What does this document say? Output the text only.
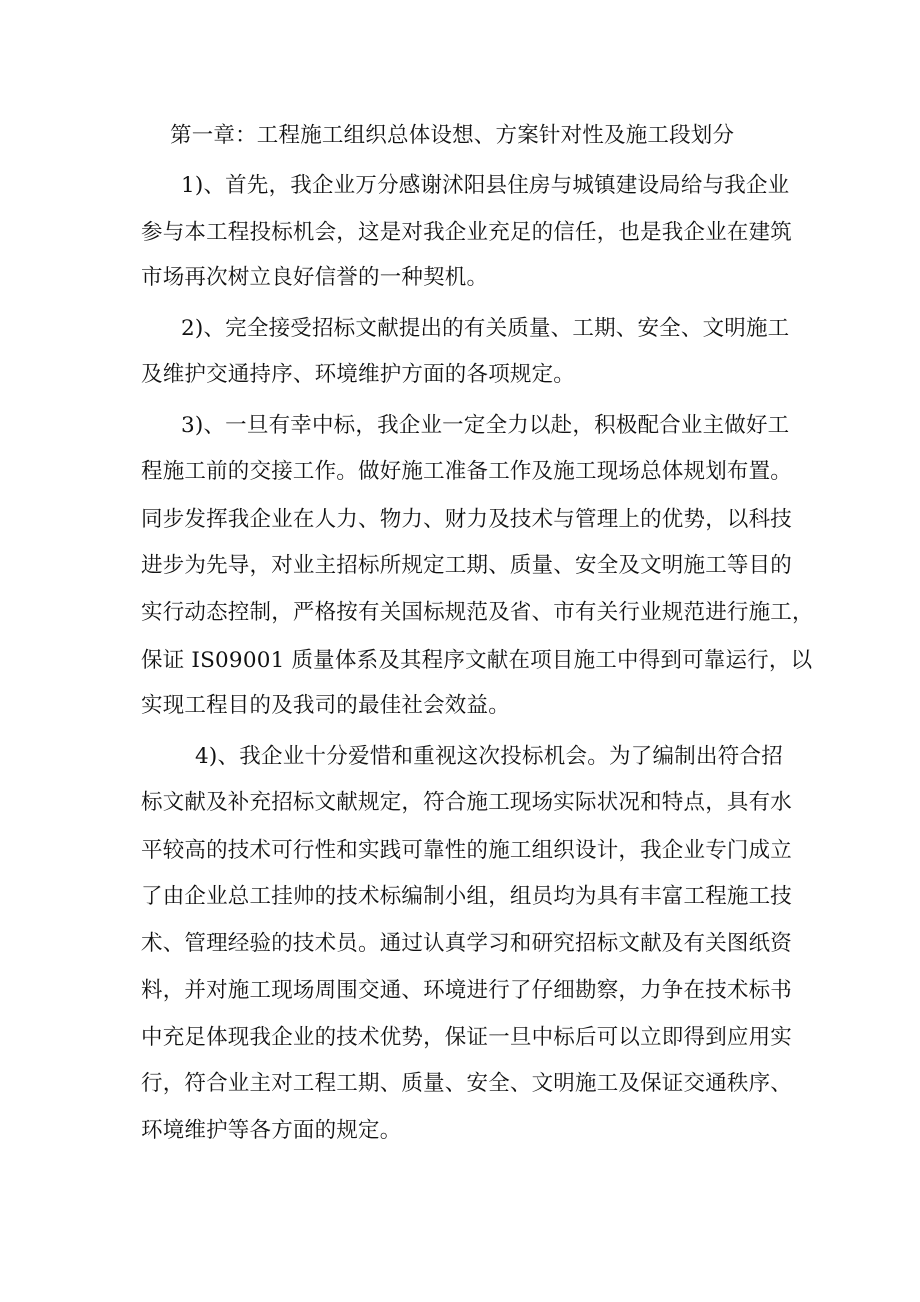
第一章：工程施工组织总体设想、方案针对性及施工段划分
1)、首先，我企业万分感谢沭阳县住房与城镇建设局给与我企业
参与本工程投标机会，这是对我企业充足的信任，也是我企业在建筑
市场再次树立良好信誉的一种契机。
2)、完全接受招标文献提出的有关质量、工期、安全、文明施工
及维护交通持序、环境维护方面的各项规定。
3)、一旦有幸中标，我企业一定全力以赴，积极配合业主做好工
程施工前的交接工作。做好施工准备工作及施工现场总体规划布置。
同步发挥我企业在人力、物力、财力及技术与管理上的优势，以科技
进步为先导，对业主招标所规定工期、质量、安全及文明施工等目的
实行动态控制，严格按有关国标规范及省、市有关行业规范进行施工，
保证 IS09001 质量体系及其程序文献在项目施工中得到可靠运行，以
实现工程目的及我司的最佳社会效益。
4)、我企业十分爱惜和重视这次投标机会。为了编制出符合招
标文献及补充招标文献规定，符合施工现场实际状况和特点，具有水
平较高的技术可行性和实践可靠性的施工组织设计，我企业专门成立
了由企业总工挂帅的技术标编制小组，组员均为具有丰富工程施工技
术、管理经验的技术员。通过认真学习和研究招标文献及有关图纸资
料，并对施工现场周围交通、环境进行了仔细勘察，力争在技术标书
中充足体现我企业的技术优势，保证一旦中标后可以立即得到应用实
行，符合业主对工程工期、质量、安全、文明施工及保证交通秩序、
环境维护等各方面的规定。
